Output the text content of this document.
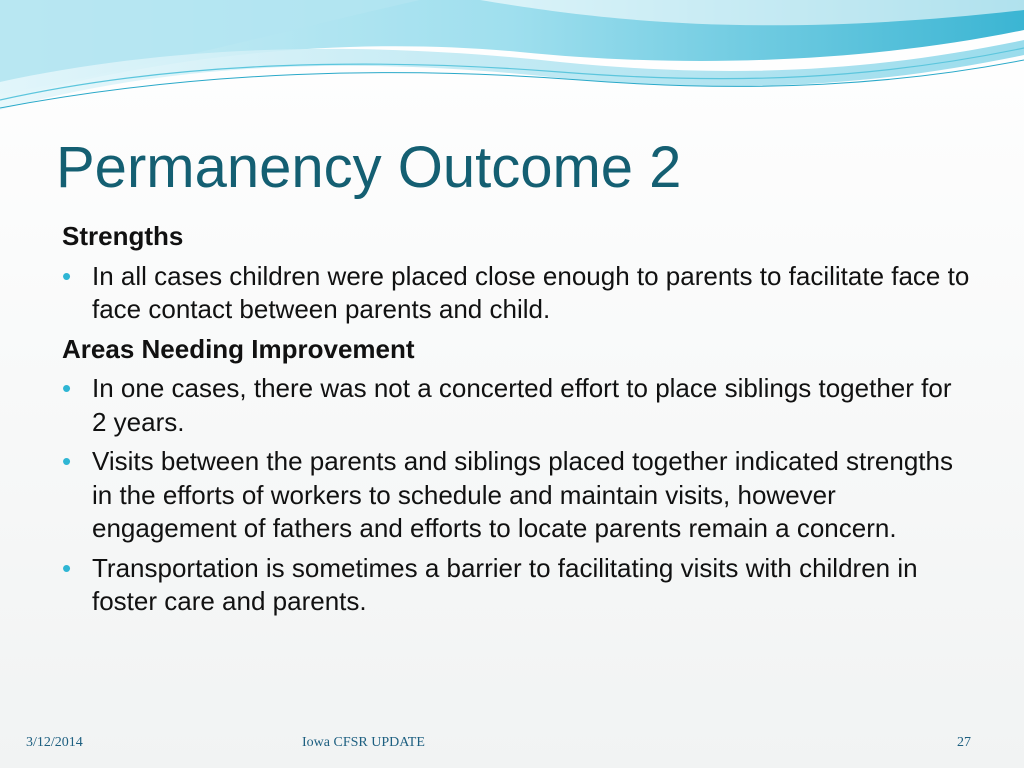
Permanency Outcome 2
Strengths
• In all cases children were placed close enough to parents to facilitate face to face contact between parents and child.
Areas Needing Improvement
• In one cases, there was not a concerted effort to place siblings together for 2 years.
• Visits between the parents and siblings placed together indicated strengths in the efforts of workers to schedule and maintain visits, however engagement of fathers and efforts to locate parents remain a concern.
• Transportation is sometimes a barrier to facilitating visits with children in foster care and parents.
3/12/2014	Iowa CFSR UPDATE	27
